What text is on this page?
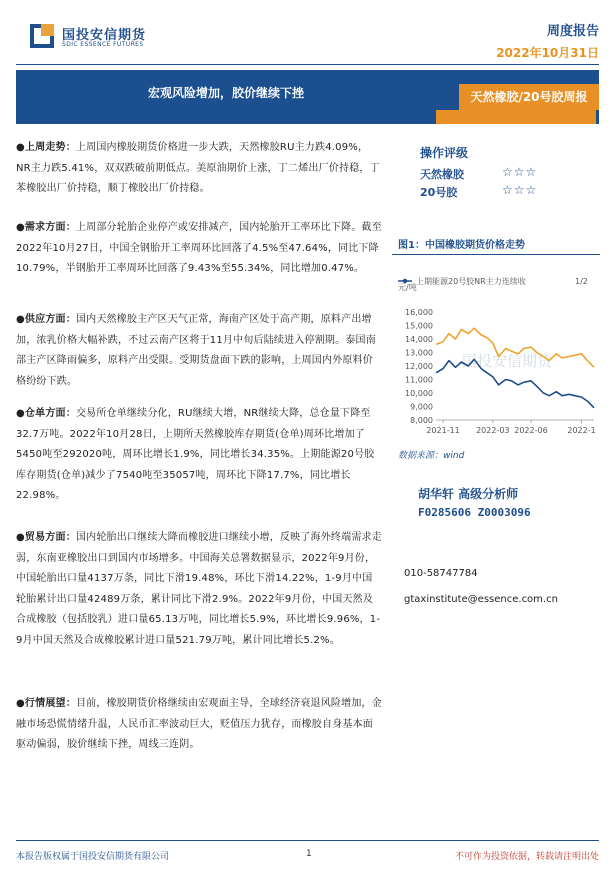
国投安信期货
SDIC ESSENCE FUTURES
周度报告
2022年10月31日
宏观风险增加，胶价继续下挫	天然橡胶/20号胶周报
●上周走势：上周国内橡胶期货价格进一步大跌，天然橡胶RU主力跌4.09%，NR主力跌5.41%，双双跌破前期低点。美原油期价上涨，丁二烯出厂价持稳，丁苯橡胶出厂价持稳，顺丁橡胶出厂价持稳。
●需求方面：上周部分轮胎企业停产或安排减产，国内轮胎开工率环比下降。截至2022年10月27日，中国全钢胎开工率周环比回落了4.5%至47.64%，同比下降10.79%，半钢胎开工率周环比回落了9.43%至55.34%，同比增加0.47%。
●供应方面：国内天然橡胶主产区天气正常，海南产区处于高产期，原料产出增加，浓乳价格大幅补跌，不过云南产区将于11月中旬后陆续进入停割期。泰国南部主产区降雨偏多，原料产出受限。受期货盘面下跌的影响，上周国内外原料价格纷纷下跌。
●仓单方面：交易所仓单继续分化，RU继续大增，NR继续大降，总仓量下降至32.7万吨。2022年10月28日，上期所天然橡胶库存期货(仓单)周环比增加了5450吨至292020吨，周环比增长1.9%，同比增长34.35%。上期能源20号胶库存期货(仓单)减少了7540吨至35057吨，周环比下降17.7%，同比增长22.98%。
●贸易方面：国内轮胎出口继续大降而橡胶进口继续小增，反映了海外终端需求走弱，东南亚橡胶出口到国内市场增多。中国海关总署数据显示，2022年9月份，中国轮胎出口量4137万条，同比下滑19.48%，环比下滑14.22%，1-9月中国轮胎累计出口量42489万条，累计同比下滑2.9%。2022年9月份，中国天然及合成橡胶（包括胶乳）进口量65.13万吨，同比增长5.9%，环比增长9.96%，1-9月中国天然及合成橡胶累计进口量521.79万吨，累计同比增长5.2%。
●行情展望：目前，橡胶期货价格继续由宏观面主导，全球经济衰退风险增加，金融市场恐慌情绪升温，人民币汇率波动巨大，贬值压力犹存，而橡胶自身基本面驱动偏弱，胶价继续下挫，周线三连阴。
操作评级
天然橡胶	☆☆☆
20号胶	☆☆☆
图1：中国橡胶期货价格走势
国投安信期货
元/吨
上期能源20号胶NR主力连续收	1/2
8,000
9,000
10,000
11,000
12,000
13,000
14,000
15,000
16,000
2021-11 2022-03 2022-06 2022-1
数据来源：wind
胡华轩 高级分析师
F0285606 Z0003096
010-58747784
gtaxinstitute@essence.com.cn
本报告版权属于国投安信期货有限公司	1	不可作为投资依据，转载请注明出处
